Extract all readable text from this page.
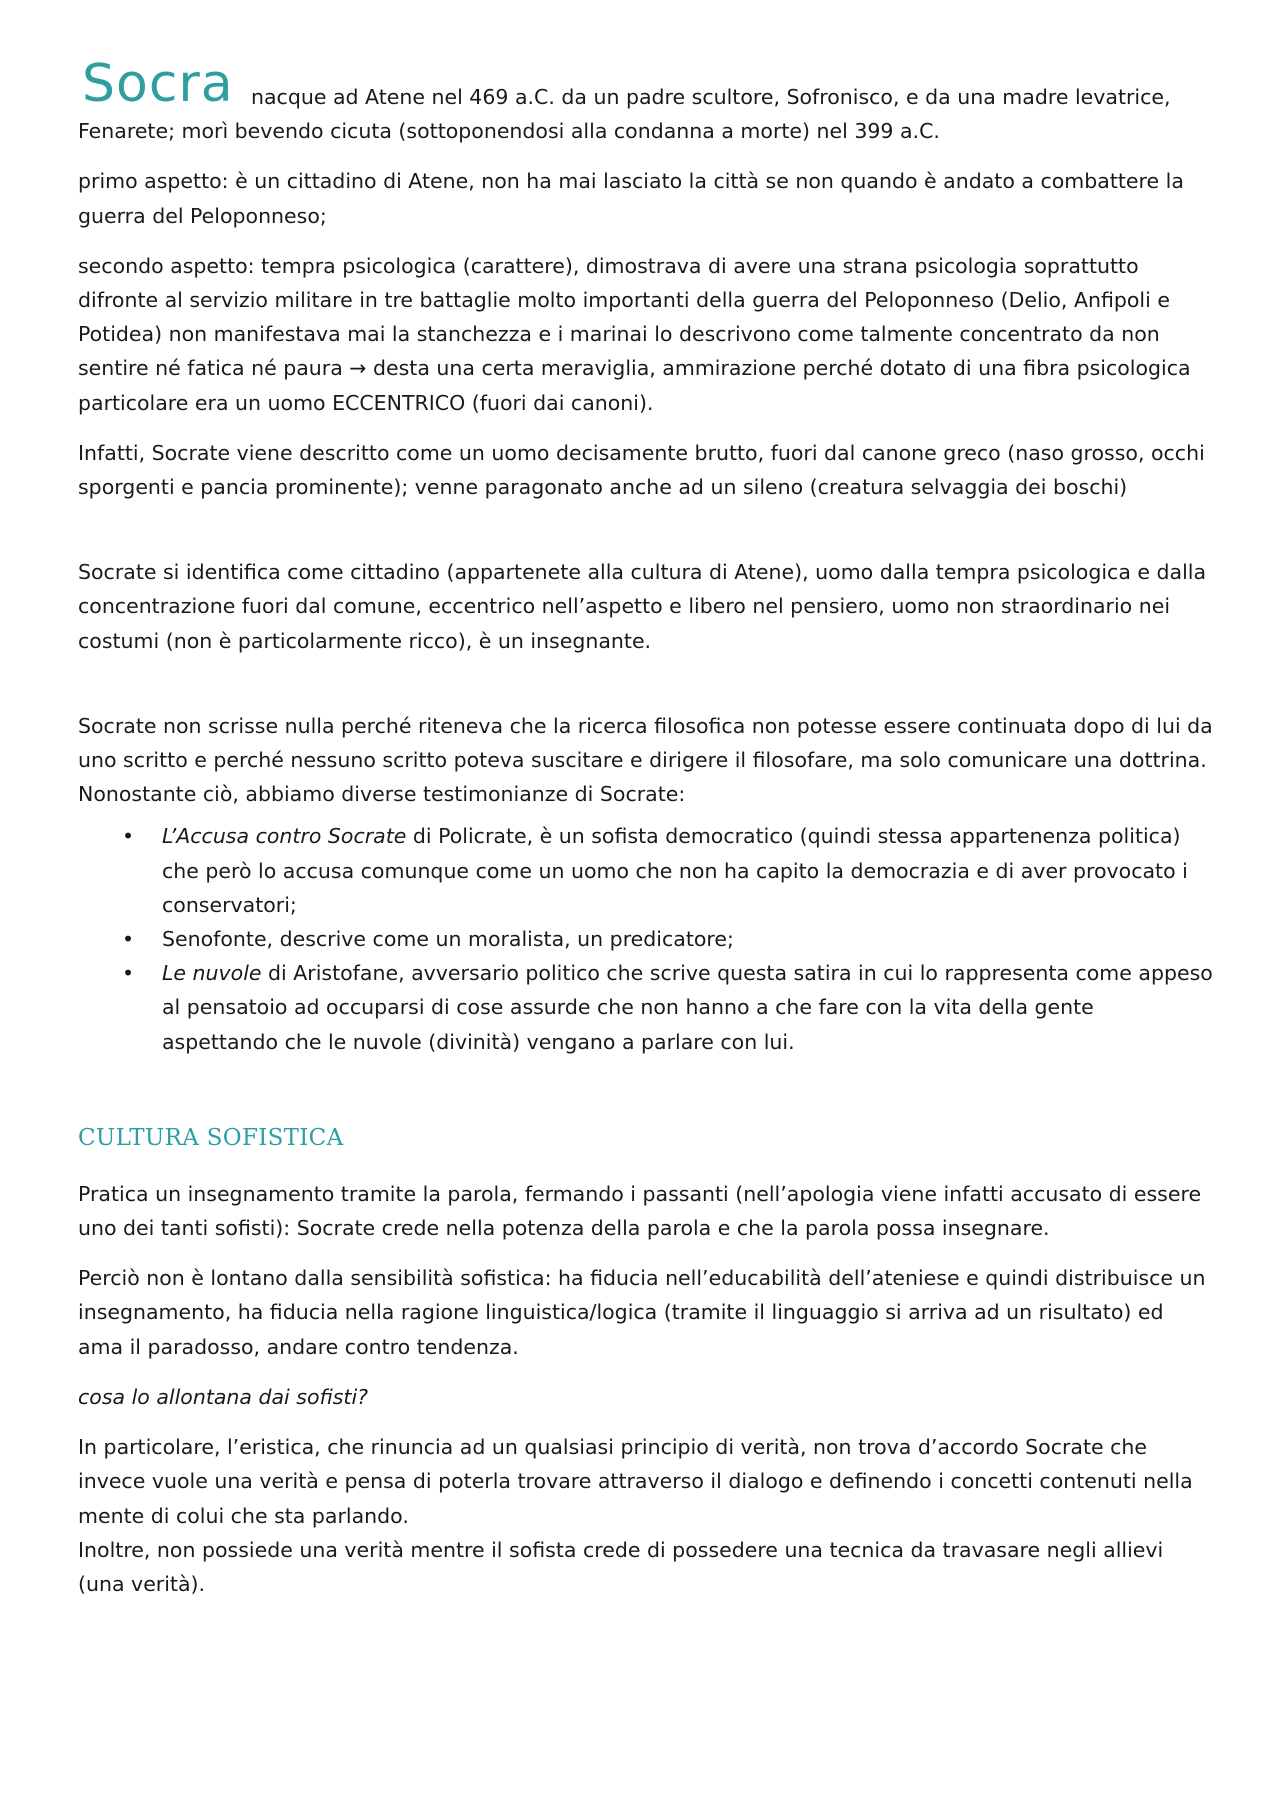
Socra nacque ad Atene nel 469 a.C. da un padre scultore, Sofronisco, e da una madre levatrice,
Fenarete; morì bevendo cicuta (sottoponendosi alla condanna a morte) nel 399 a.C.

primo aspetto: è un cittadino di Atene, non ha mai lasciato la città se non quando è andato a combattere la guerra del Peloponneso;

secondo aspetto: tempra psicologica (carattere), dimostrava di avere una strana psicologia soprattutto difronte al servizio militare in tre battaglie molto importanti della guerra del Peloponneso (Delio, Anfipoli e Potidea) non manifestava mai la stanchezza e i marinai lo descrivono come talmente concentrato da non sentire né fatica né paura → desta una certa meraviglia, ammirazione perché dotato di una fibra psicologica particolare era un uomo ECCENTRICO (fuori dai canoni).

Infatti, Socrate viene descritto come un uomo decisamente brutto, fuori dal canone greco (naso grosso, occhi sporgenti e pancia prominente); venne paragonato anche ad un sileno (creatura selvaggia dei boschi)

Socrate si identifica come cittadino (appartenete alla cultura di Atene), uomo dalla tempra psicologica e dalla concentrazione fuori dal comune, eccentrico nell’aspetto e libero nel pensiero, uomo non straordinario nei costumi (non è particolarmente ricco), è un insegnante.

Socrate non scrisse nulla perché riteneva che la ricerca filosofica non potesse essere continuata dopo di lui da uno scritto e perché nessuno scritto poteva suscitare e dirigere il filosofare, ma solo comunicare una dottrina.

Nonostante ciò, abbiamo diverse testimonianze di Socrate:

• L’Accusa contro Socrate di Policrate, è un sofista democratico (quindi stessa appartenenza politica) che però lo accusa comunque come un uomo che non ha capito la democrazia e di aver provocato i conservatori;
• Senofonte, descrive come un moralista, un predicatore;
• Le nuvole di Aristofane, avversario politico che scrive questa satira in cui lo rappresenta come appeso al pensatoio ad occuparsi di cose assurde che non hanno a che fare con la vita della gente aspettando che le nuvole (divinità) vengano a parlare con lui.
CULTURA SOFISTICA

Pratica un insegnamento tramite la parola, fermando i passanti (nell’apologia viene infatti accusato di essere uno dei tanti sofisti): Socrate crede nella potenza della parola e che la parola possa insegnare.

Perciò non è lontano dalla sensibilità sofistica: ha fiducia nell’educabilità dell’ateniese e quindi distribuisce un insegnamento, ha fiducia nella ragione linguistica/logica (tramite il linguaggio si arriva ad un risultato) ed ama il paradosso, andare contro tendenza.

cosa lo allontana dai sofisti?

In particolare, l’eristica, che rinuncia ad un qualsiasi principio di verità, non trova d’accordo Socrate che invece vuole una verità e pensa di poterla trovare attraverso il dialogo e definendo i concetti contenuti nella mente di colui che sta parlando.

Inoltre, non possiede una verità mentre il sofista crede di possedere una tecnica da travasare negli allievi (una verità).
